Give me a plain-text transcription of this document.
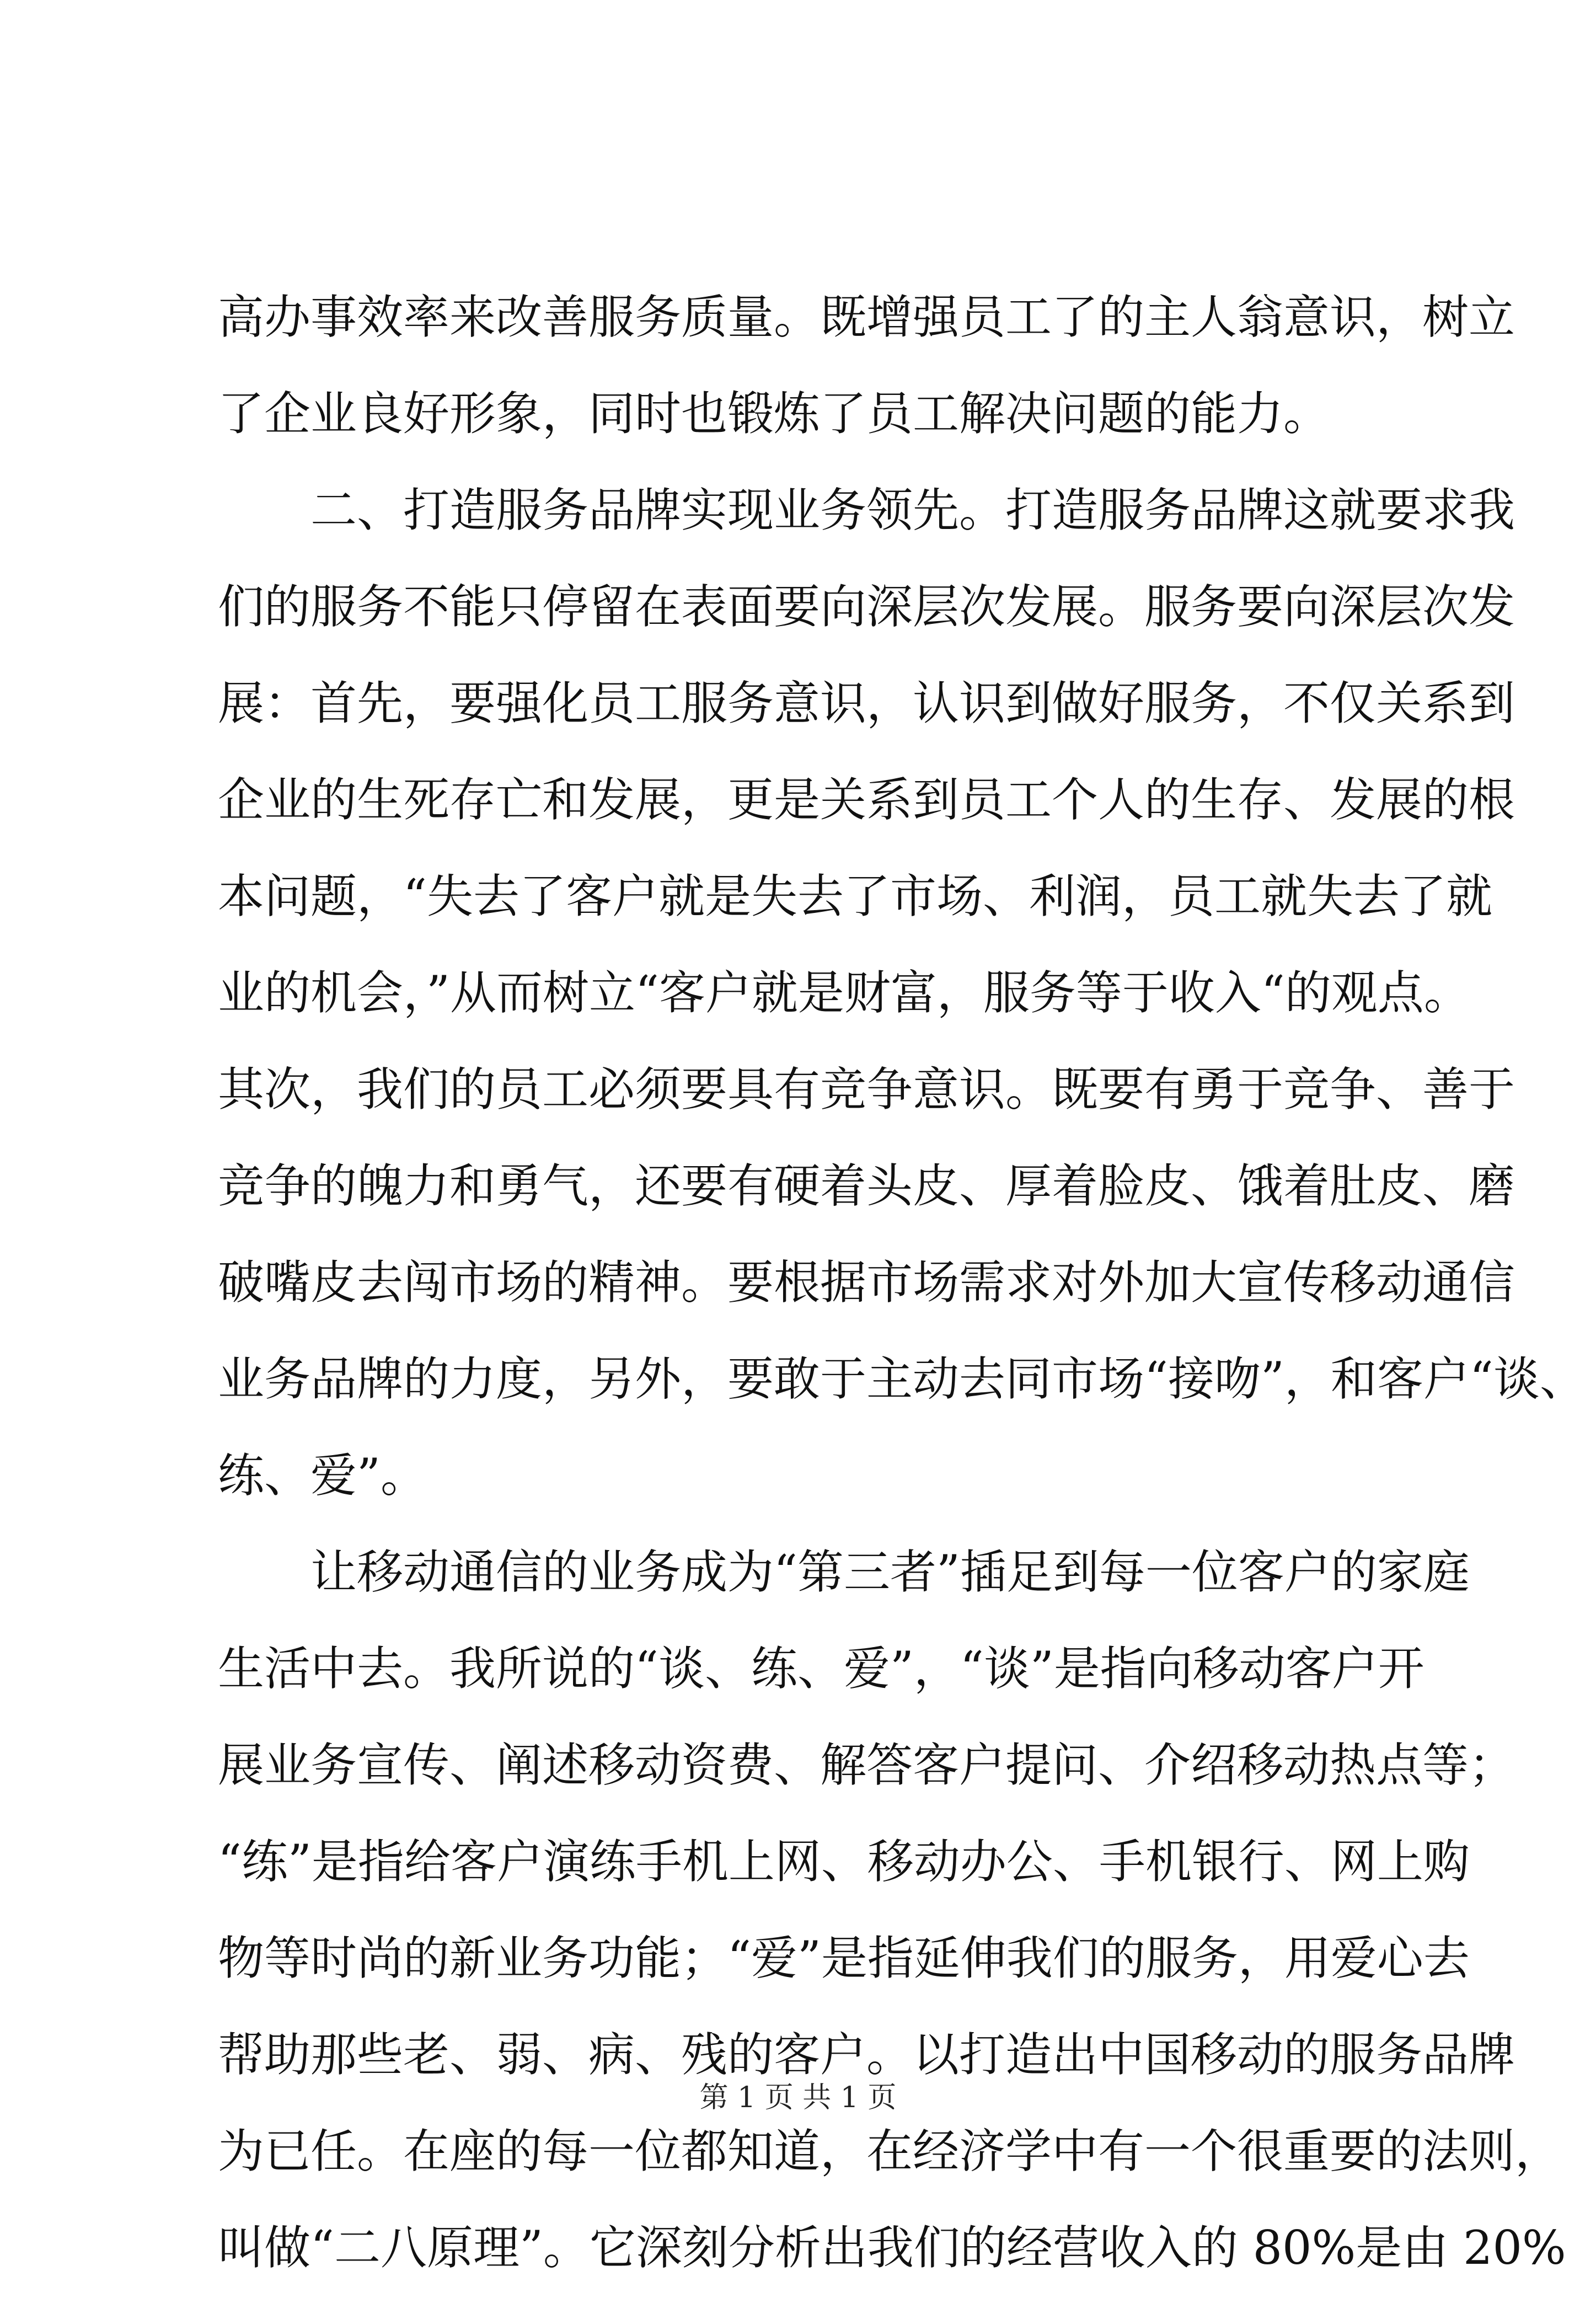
高办事效率来改善服务质量。既增强员工了的主人翁意识，树立
了企业良好形象，同时也锻炼了员工解决问题的能力。
二、打造服务品牌实现业务领先。打造服务品牌这就要求我
们的服务不能只停留在表面要向深层次发展。服务要向深层次发
展：首先，要强化员工服务意识，认识到做好服务，不仅关系到
企业的生死存亡和发展，更是关系到员工个人的生存、发展的根
本问题，“失去了客户就是失去了市场、利润，员工就失去了就
业的机会，”从而树立“客户就是财富，服务等于收入“的观点。
其次，我们的员工必须要具有竞争意识。既要有勇于竞争、善于
竞争的魄力和勇气，还要有硬着头皮、厚着脸皮、饿着肚皮、磨
破嘴皮去闯市场的精神。要根据市场需求对外加大宣传移动通信
业务品牌的力度，另外，要敢于主动去同市场“接吻”，和客户“谈、
练、爱”。
让移动通信的业务成为“第三者”插足到每一位客户的家庭
生活中去。我所说的“谈、练、爱”，“谈”是指向移动客户开
展业务宣传、阐述移动资费、解答客户提问、介绍移动热点等；
“练”是指给客户演练手机上网、移动办公、手机银行、网上购
物等时尚的新业务功能；“爱”是指延伸我们的服务，用爱心去
帮助那些老、弱、病、残的客户。以打造出中国移动的服务品牌
为已任。在座的每一位都知道，在经济学中有一个很重要的法则，
叫做“二八原理”。它深刻分析出我们的经营收入的 80%是由 20%
第 1 页 共 1 页
